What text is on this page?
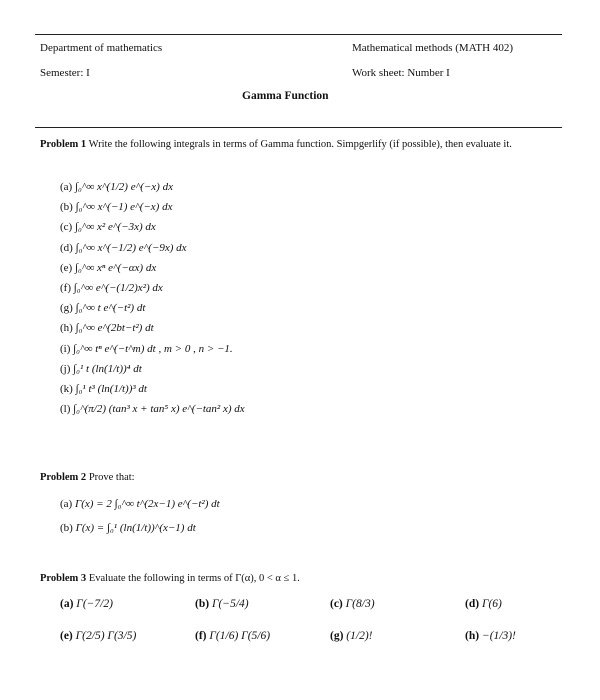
Department of mathematics	Mathematical methods (MATH 402)
Semester: I	Work sheet: Number I
Gamma Function
Problem 1 Write the following integrals in terms of Gamma function. Simpgerlify (if possible), then evaluate it.
(a) ∫₀^∞ x^(1/2) e^(−x) dx
(b) ∫₀^∞ x^(−1) e^(−x) dx
(c) ∫₀^∞ x² e^(−3x) dx
(d) ∫₀^∞ x^(−1/2) e^(−9x) dx
(e) ∫₀^∞ xⁿ e^(−αx) dx
(f) ∫₀^∞ e^(−(1/2)x²) dx
(g) ∫₀^∞ t e^(−t²) dt
(h) ∫₀^∞ e^(2bt−t²) dt
(i) ∫₀^∞ tⁿ e^(−t^m) dt , m > 0 , n > −1.
(j) ∫₀¹ t (ln(1/t))⁴ dt
(k) ∫₀¹ t³ (ln(1/t))³ dt
(l) ∫₀^(π/2) (tan³ x + tan⁵ x) e^(−tan² x) dx
Problem 2 Prove that:
(a) Γ(x) = 2 ∫₀^∞ t^(2x−1) e^(−t²) dt
(b) Γ(x) = ∫₀¹ (ln(1/t))^(x−1) dt
Problem 3 Evaluate the following in terms of Γ(α), 0 < α ≤ 1.
(a) Γ(−7/2)	(b) Γ(−5/4)	(c) Γ(8/3)	(d) Γ(6)
(e) Γ(2/5) Γ(3/5)	(f) Γ(1/6) Γ(5/6)	(g) (1/2)!	(h) −(1/3)!
